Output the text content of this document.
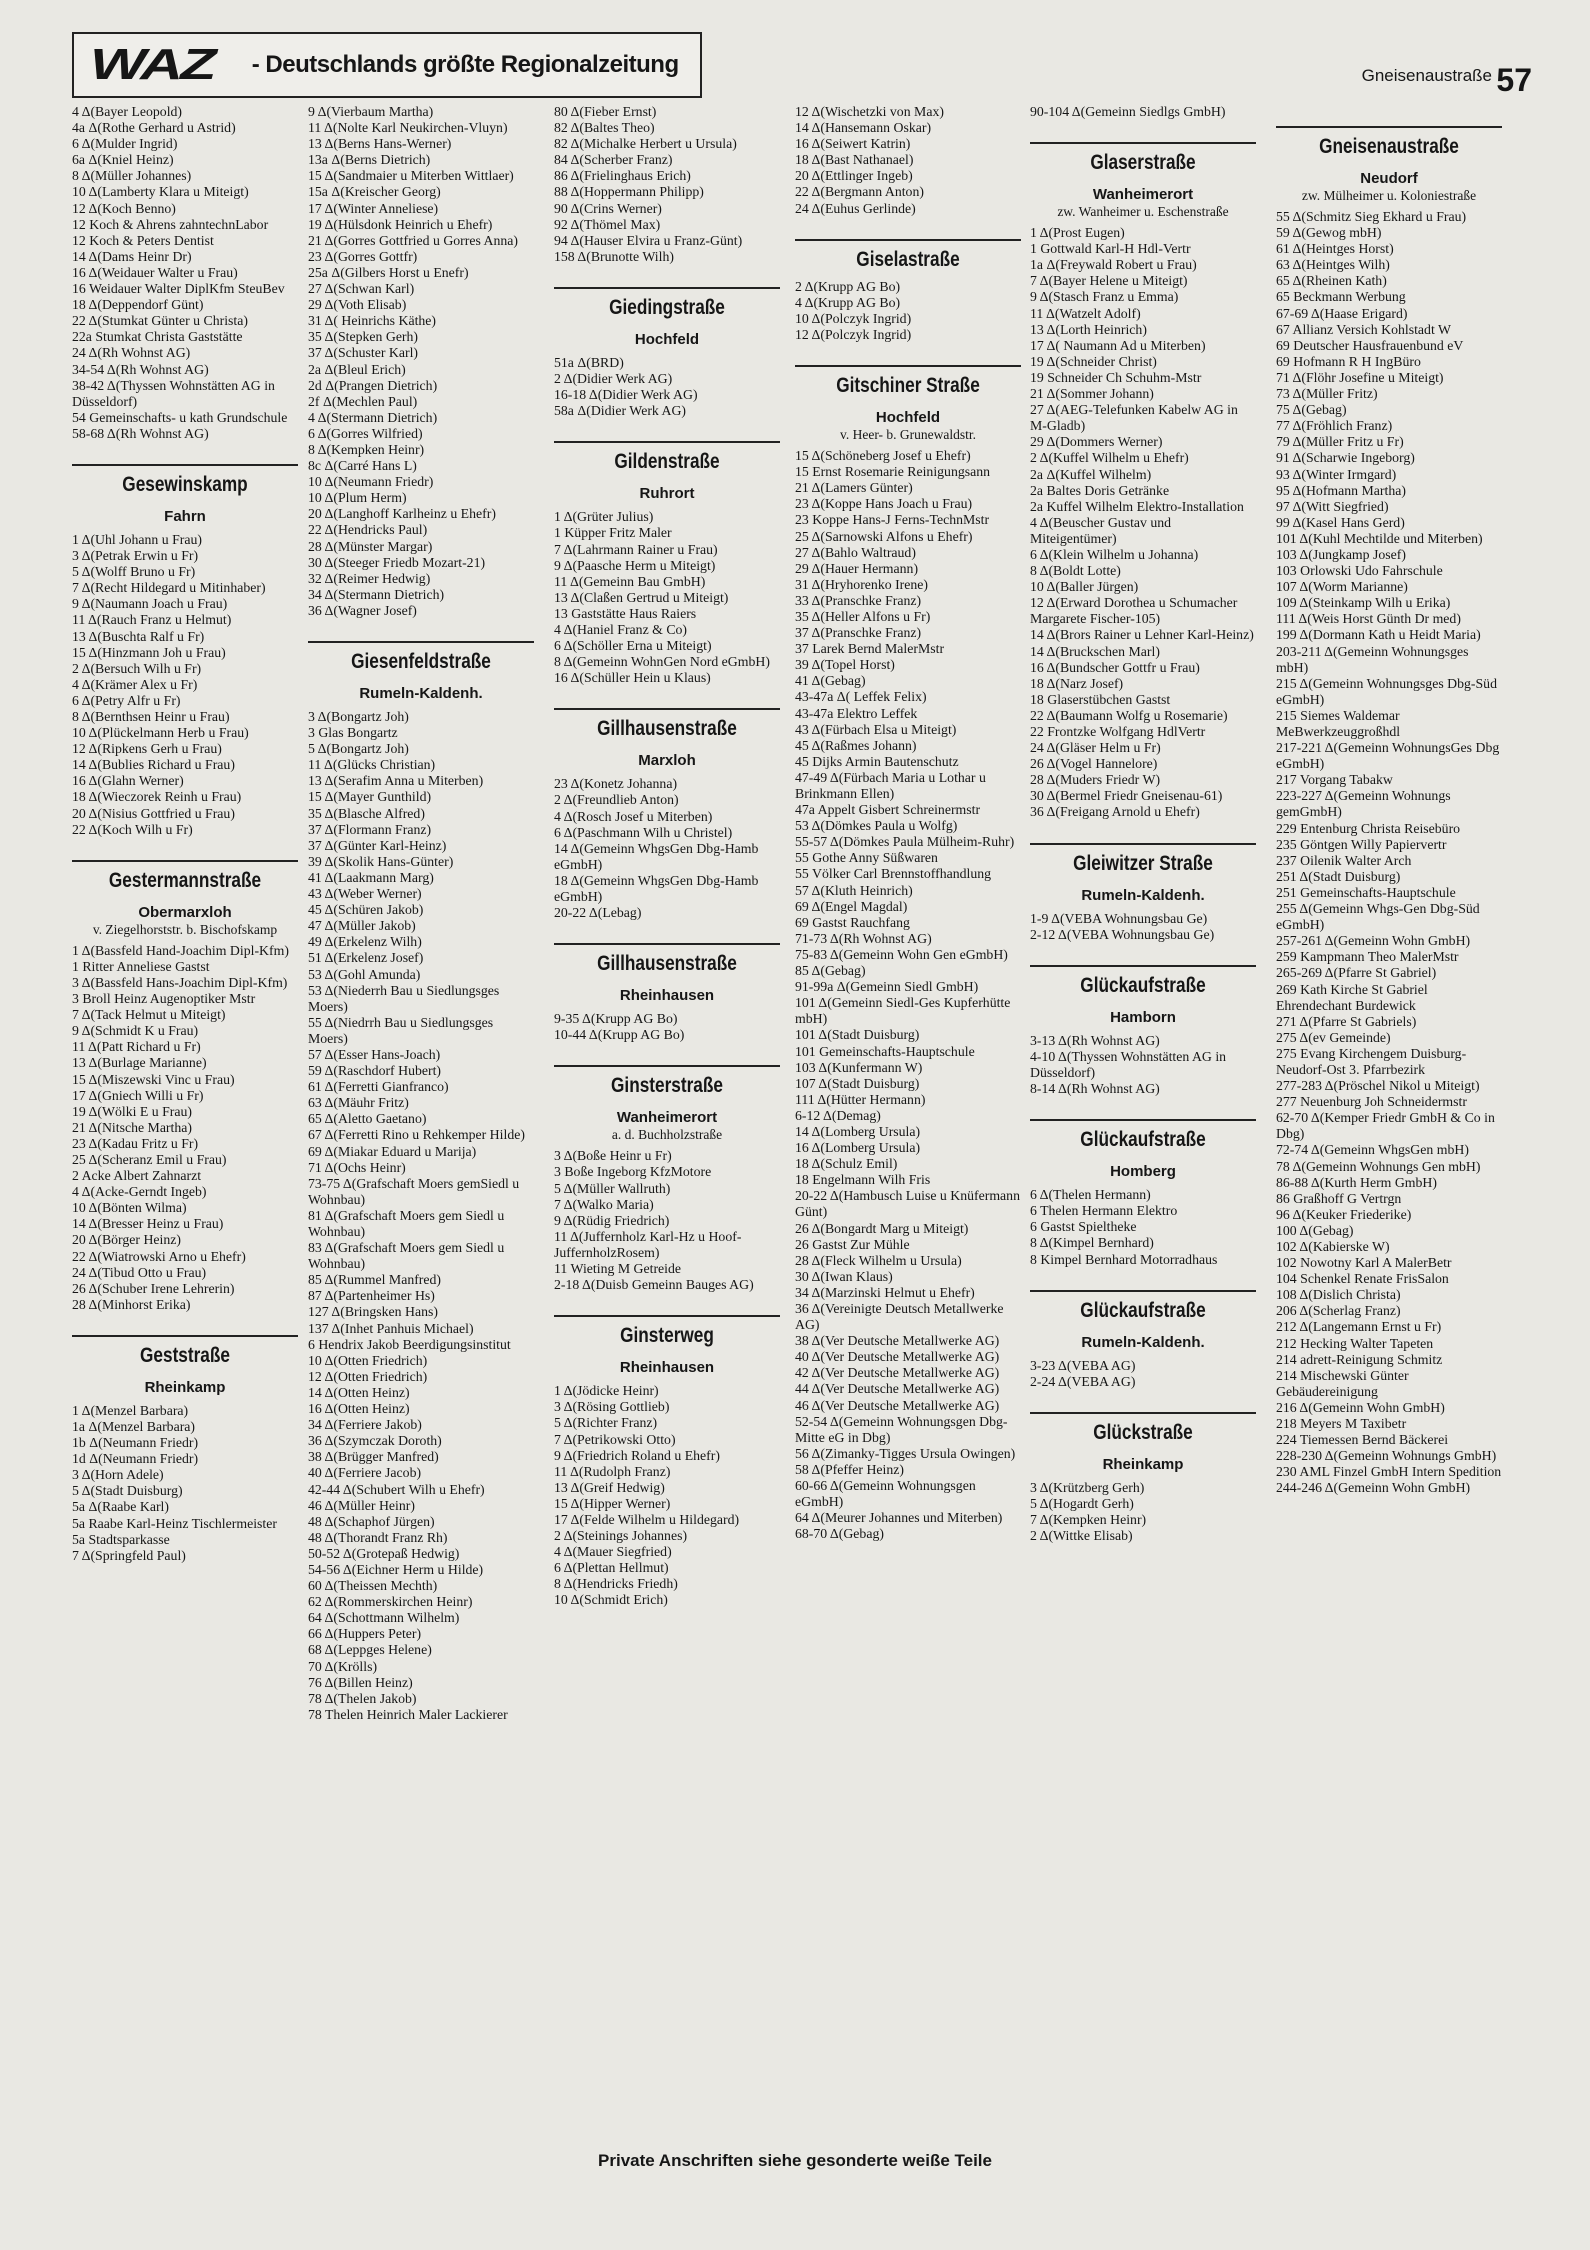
WAZ - Deutschlands größte Regionalzeitung	Gneisenaustraße 57
4 Δ(Bayer Leopold)
4a Δ(Rothe Gerhard u Astrid)
6 Δ(Mulder Ingrid)
6a Δ(Kniel Heinz)
8 Δ(Müller Johannes)
10 Δ(Lamberty Klara u Miteigt)
12 Δ(Koch Benno)
12 Koch & Ahrens zahntechnLabor
12 Koch & Peters Dentist
14 Δ(Dams Heinr Dr)
16 Δ(Weidauer Walter u Frau)
16 Weidauer Walter DiplKfm SteuBev
18 Δ(Deppendorf Günt)
22 Δ(Stumkat Günter u Christa)
22a Stumkat Christa Gaststätte
24 Δ(Rh Wohnst AG)
34-54 Δ(Rh Wohnst AG)
38-42 Δ(Thyssen Wohnstätten AG in Düsseldorf)
54 Gemeinschafts- u kath Grundschule
58-68 Δ(Rh Wohnst AG)
Gesewinskamp
Fahrn
1 Δ(Uhl Johann u Frau)
3 Δ(Petrak Erwin u Fr)
5 Δ(Wolff Bruno u Fr)
7 Δ(Recht Hildegard u Mitinhaber)
9 Δ(Naumann Joach u Frau)
11 Δ(Rauch Franz u Helmut)
13 Δ(Buschta Ralf u Fr)
15 Δ(Hinzmann Joh u Frau)
2 Δ(Bersuch Wilh u Fr)
4 Δ(Krämer Alex u Fr)
6 Δ(Petry Alfr u Fr)
8 Δ(Bernthsen Heinr u Frau)
10 Δ(Plückelmann Herb u Frau)
12 Δ(Ripkens Gerh u Frau)
14 Δ(Bublies Richard u Frau)
16 Δ(Glahn Werner)
18 Δ(Wieczorek Reinh u Frau)
20 Δ(Nisius Gottfried u Frau)
22 Δ(Koch Wilh u Fr)
Gestermannstraße
Obermarxloh
v. Ziegelhorststr. b. Bischofskamp
1 Δ(Bassfeld Hand-Joachim Dipl-Kfm)
1 Ritter Anneliese Gastst
3 Δ(Bassfeld Hans-Joachim Dipl-Kfm)
3 Broll Heinz Augenoptiker Mstr
7 Δ(Tack Helmut u Miteigt)
9 Δ(Schmidt K u Frau)
11 Δ(Patt Richard u Fr)
13 Δ(Burlage Marianne)
15 Δ(Miszewski Vinc u Frau)
17 Δ(Gniech Willi u Fr)
19 Δ(Wölki E u Frau)
21 Δ(Nitsche Martha)
23 Δ(Kadau Fritz u Fr)
25 Δ(Scheranz Emil u Frau)
2 Acke Albert Zahnarzt
4 Δ(Acke-Gerndt Ingeb)
10 Δ(Bönten Wilma)
14 Δ(Bresser Heinz u Frau)
20 Δ(Börger Heinz)
22 Δ(Wiatrowski Arno u Ehefr)
24 Δ(Tibud Otto u Frau)
26 Δ(Schuber Irene Lehrerin)
28 Δ(Minhorst Erika)
Geststraße
Rheinkamp
1 Δ(Menzel Barbara)
1a Δ(Menzel Barbara)
1b Δ(Neumann Friedr)
1d Δ(Neumann Friedr)
3 Δ(Horn Adele)
5 Δ(Stadt Duisburg)
5a Δ(Raabe Karl)
5a Raabe Karl-Heinz Tischlermeister
5a Stadtsparkasse
7 Δ(Springfeld Paul)
9 Δ(Vierbaum Martha)
11 Δ(Nolte Karl Neukirchen-Vluyn)
13 Δ(Berns Hans-Werner)
13a Δ(Berns Dietrich)
15 Δ(Sandmaier u Miterben Wittlaer)
15a Δ(Kreischer Georg)
17 Δ(Winter Anneliese)
19 Δ(Hülsdonk Heinrich u Ehefr)
21 Δ(Gorres Gottfried u Gorres Anna)
23 Δ(Gorres Gottfr)
25a Δ(Gilbers Horst u Enefr)
27 Δ(Schwan Karl)
29 Δ(Voth Elisab)
31 Δ( Heinrichs Käthe)
35 Δ(Stepken Gerh)
37 Δ(Schuster Karl)
2a Δ(Bleul Erich)
2d Δ(Prangen Dietrich)
2f Δ(Mechlen Paul)
4 Δ(Stermann Dietrich)
6 Δ(Gorres Wilfried)
8 Δ(Kempken Heinr)
8c Δ(Carré Hans L)
10 Δ(Neumann Friedr)
10 Δ(Plum Herm)
20 Δ(Langhoff Karlheinz u Ehefr)
22 Δ(Hendricks Paul)
28 Δ(Münster Margar)
30 Δ(Steeger Friedb Mozart-21)
32 Δ(Reimer Hedwig)
34 Δ(Stermann Dietrich)
36 Δ(Wagner Josef)
Giesenfeldstraße
Rumeln-Kaldenh.
3 Δ(Bongartz Joh)
3 Glas Bongartz
5 Δ(Bongartz Joh)
11 Δ(Glücks Christian)
13 Δ(Serafim Anna u Miterben)
15 Δ(Mayer Gunthild)
35 Δ(Blasche Alfred)
37 Δ(Flormann Franz)
37 Δ(Günter Karl-Heinz)
39 Δ(Skolik Hans-Günter)
41 Δ(Laakmann Marg)
43 Δ(Weber Werner)
45 Δ(Schüren Jakob)
47 Δ(Müller Jakob)
49 Δ(Erkelenz Wilh)
51 Δ(Erkelenz Josef)
53 Δ(Gohl Amunda)
53 Δ(Niederrh Bau u Siedlungsges Moers)
55 Δ(Niedrrh Bau u Siedlungsges Moers)
57 Δ(Esser Hans-Joach)
59 Δ(Raschdorf Hubert)
61 Δ(Ferretti Gianfranco)
63 Δ(Mäuhr Fritz)
65 Δ(Aletto Gaetano)
67 Δ(Ferretti Rino u Rehkemper Hilde)
69 Δ(Miakar Eduard u Marija)
71 Δ(Ochs Heinr)
73-75 Δ(Grafschaft Moers gemSiedl u Wohnbau)
81 Δ(Grafschaft Moers gem Siedl u Wohnbau)
83 Δ(Grafschaft Moers gem Siedl u Wohnbau)
85 Δ(Rummel Manfred)
87 Δ(Partenheimer Hs)
127 Δ(Bringsken Hans)
137 Δ(Inhet Panhuis Michael)
6 Hendrix Jakob Beerdigungsinstitut
10 Δ(Otten Friedrich)
12 Δ(Otten Friedrich)
14 Δ(Otten Heinz)
16 Δ(Otten Heinz)
34 Δ(Ferriere Jakob)
36 Δ(Szymczak Doroth)
38 Δ(Brügger Manfred)
40 Δ(Ferriere Jacob)
42-44 Δ(Schubert Wilh u Ehefr)
46 Δ(Müller Heinr)
48 Δ(Schaphof Jürgen)
48 Δ(Thorandt Franz Rh)
50-52 Δ(Grotepaß Hedwig)
54-56 Δ(Eichner Herm u Hilde)
60 Δ(Theissen Mechth)
62 Δ(Rommerskirchen Heinr)
64 Δ(Schottmann Wilhelm)
66 Δ(Huppers Peter)
68 Δ(Leppges Helene)
70 Δ(Krölls)
76 Δ(Billen Heinz)
78 Δ(Thelen Jakob)
78 Thelen Heinrich Maler Lackierer
80 Δ(Fieber Ernst)
82 Δ(Baltes Theo)
82 Δ(Michalke Herbert u Ursula)
84 Δ(Scherber Franz)
86 Δ(Frielinghaus Erich)
88 Δ(Hoppermann Philipp)
90 Δ(Crins Werner)
92 Δ(Thömel Max)
94 Δ(Hauser Elvira u Franz-Günt)
158 Δ(Brunotte Wilh)
Giedingstraße
Hochfeld
51a Δ(BRD)
2 Δ(Didier Werk AG)
16-18 Δ(Didier Werk AG)
58a Δ(Didier Werk AG)
Gildenstraße
Ruhrort
1 Δ(Grüter Julius)
1 Küpper Fritz Maler
7 Δ(Lahrmann Rainer u Frau)
9 Δ(Paasche Herm u Miteigt)
11 Δ(Gemeinn Bau GmbH)
13 Δ(Claßen Gertrud u Miteigt)
13 Gaststätte Haus Raiers
4 Δ(Haniel Franz & Co)
6 Δ(Schöller Erna u Miteigt)
8 Δ(Gemeinn WohnGen Nord eGmbH)
16 Δ(Schüller Hein u Klaus)
Gillhausenstraße
Marxloh
23 Δ(Konetz Johanna)
2 Δ(Freundlieb Anton)
4 Δ(Rosch Josef u Miterben)
6 Δ(Paschmann Wilh u Christel)
14 Δ(Gemeinn WhgsGen Dbg-Hamb eGmbH)
18 Δ(Gemeinn WhgsGen Dbg-Hamb eGmbH)
20-22 Δ(Lebag)
Gillhausenstraße
Rheinhausen
9-35 Δ(Krupp AG Bo)
10-44 Δ(Krupp AG Bo)
Ginsterstraße
Wanheimerort
a. d. Buchholzstraße
3 Δ(Boße Heinr u Fr)
3 Boße Ingeborg KfzMotore
5 Δ(Müller Wallruth)
7 Δ(Walko Maria)
9 Δ(Rüdig Friedrich)
11 Δ(Juffernholz Karl-Hz u Hoof-JuffernholzRosem)
11 Wieting M Getreide
2-18 Δ(Duisb Gemeinn Bauges AG)
Ginsterweg
Rheinhausen
1 Δ(Jödicke Heinr)
3 Δ(Rösing Gottlieb)
5 Δ(Richter Franz)
7 Δ(Petrikowski Otto)
9 Δ(Friedrich Roland u Ehefr)
11 Δ(Rudolph Franz)
13 Δ(Greif Hedwig)
15 Δ(Hipper Werner)
17 Δ(Felde Wilhelm u Hildegard)
2 Δ(Steinings Johannes)
4 Δ(Mauer Siegfried)
6 Δ(Plettan Hellmut)
8 Δ(Hendricks Friedh)
10 Δ(Schmidt Erich)
12 Δ(Wischetzki von Max)
14 Δ(Hansemann Oskar)
16 Δ(Seiwert Katrin)
18 Δ(Bast Nathanael)
20 Δ(Ettlinger Ingeb)
22 Δ(Bergmann Anton)
24 Δ(Euhus Gerlinde)
Giselastraße
2 Δ(Krupp AG Bo)
4 Δ(Krupp AG Bo)
10 Δ(Polczyk Ingrid)
12 Δ(Polczyk Ingrid)
Gitschiner Straße
Hochfeld
v. Heer- b. Grunewaldstr.
15 Δ(Schöneberg Josef u Ehefr)
15 Ernst Rosemarie Reinigungsann
21 Δ(Lamers Günter)
23 Δ(Koppe Hans Joach u Frau)
23 Koppe Hans-J Ferns-TechnMstr
25 Δ(Sarnowski Alfons u Ehefr)
27 Δ(Bahlo Waltraud)
29 Δ(Hauer Hermann)
31 Δ(Hryhorenko Irene)
33 Δ(Pranschke Franz)
35 Δ(Heller Alfons u Fr)
37 Δ(Pranschke Franz)
37 Larek Bernd MalerMstr
39 Δ(Topel Horst)
41 Δ(Gebag)
43-47a Δ( Leffek Felix)
43-47a Elektro Leffek
43 Δ(Fürbach Elsa u Miteigt)
45 Δ(Raßmes Johann)
45 Dijks Armin Bautenschutz
47-49 Δ(Fürbach Maria u Lothar u Brinkmann Ellen)
47a Appelt Gisbert Schreinermstr
53 Δ(Dömkes Paula u Wolfg)
55-57 Δ(Dömkes Paula Mülheim-Ruhr)
55 Gothe Anny Süßwaren
55 Völker Carl Brennstoffhandlung
57 Δ(Kluth Heinrich)
69 Δ(Engel Magdal)
69 Gastst Rauchfang
71-73 Δ(Rh Wohnst AG)
75-83 Δ(Gemeinn Wohn Gen eGmbH)
85 Δ(Gebag)
91-99a Δ(Gemeinn Siedl GmbH)
101 Δ(Gemeinn Siedl-Ges Kupferhütte mbH)
101 Δ(Stadt Duisburg)
101 Gemeinschafts-Hauptschule
103 Δ(Kunfermann W)
107 Δ(Stadt Duisburg)
111 Δ(Hütter Hermann)
6-12 Δ(Demag)
14 Δ(Lomberg Ursula)
16 Δ(Lomberg Ursula)
18 Δ(Schulz Emil)
18 Engelmann Wilh Fris
20-22 Δ(Hambusch Luise u Knüfermann Günt)
26 Δ(Bongardt Marg u Miteigt)
26 Gastst Zur Mühle
28 Δ(Fleck Wilhelm u Ursula)
30 Δ(Iwan Klaus)
34 Δ(Marzinski Helmut u Ehefr)
36 Δ(Vereinigte Deutsch Metallwerke AG)
38 Δ(Ver Deutsche Metallwerke AG)
40 Δ(Ver Deutsche Metallwerke AG)
42 Δ(Ver Deutsche Metallwerke AG)
44 Δ(Ver Deutsche Metallwerke AG)
46 Δ(Ver Deutsche Metallwerke AG)
52-54 Δ(Gemeinn Wohnungsgen Dbg-Mitte eG in Dbg)
56 Δ(Zimanky-Tigges Ursula Owingen)
58 Δ(Pfeffer Heinz)
60-66 Δ(Gemeinn Wohnungsgen eGmbH)
64 Δ(Meurer Johannes und Miterben)
68-70 Δ(Gebag)
90-104 Δ(Gemeinn Siedlgs GmbH)
Glaserstraße
Wanheimerort
zw. Wanheimer u. Eschenstraße
1 Δ(Prost Eugen)
1 Gottwald Karl-H Hdl-Vertr
1a Δ(Freywald Robert u Frau)
7 Δ(Bayer Helene u Miteigt)
9 Δ(Stasch Franz u Emma)
11 Δ(Watzelt Adolf)
13 Δ(Lorth Heinrich)
17 Δ( Naumann Ad u Miterben)
19 Δ(Schneider Christ)
19 Schneider Ch Schuhm-Mstr
21 Δ(Sommer Johann)
27 Δ(AEG-Telefunken Kabelw AG in M-Gladb)
29 Δ(Dommers Werner)
2 Δ(Kuffel Wilhelm u Ehefr)
2a Δ(Kuffel Wilhelm)
2a Baltes Doris Getränke
2a Kuffel Wilhelm Elektro-Installation
4 Δ(Beuscher Gustav und Miteigentümer)
6 Δ(Klein Wilhelm u Johanna)
8 Δ(Boldt Lotte)
10 Δ(Baller Jürgen)
12 Δ(Erward Dorothea u Schumacher Margarete Fischer-105)
14 Δ(Brors Rainer u Lehner Karl-Heinz)
14 Δ(Bruckschen Marl)
16 Δ(Bundscher Gottfr u Frau)
18 Δ(Narz Josef)
18 Glaserstübchen Gastst
22 Δ(Baumann Wolfg u Rosemarie)
22 Frontzke Wolfgang HdlVertr
24 Δ(Gläser Helm u Fr)
26 Δ(Vogel Hannelore)
28 Δ(Muders Friedr W)
30 Δ(Bermel Friedr Gneisenau-61)
36 Δ(Freigang Arnold u Ehefr)
Gleiwitzer Straße
Rumeln-Kaldenh.
1-9 Δ(VEBA Wohnungsbau Ge)
2-12 Δ(VEBA Wohnungsbau Ge)
Glückaufstraße
Hamborn
3-13 Δ(Rh Wohnst AG)
4-10 Δ(Thyssen Wohnstätten AG in Düsseldorf)
8-14 Δ(Rh Wohnst AG)
Glückaufstraße
Homberg
6 Δ(Thelen Hermann)
6 Thelen Hermann Elektro
6 Gastst Spieltheke
8 Δ(Kimpel Bernhard)
8 Kimpel Bernhard Motorradhaus
Glückaufstraße
Rumeln-Kaldenh.
3-23 Δ(VEBA AG)
2-24 Δ(VEBA AG)
Glückstraße
Rheinkamp
3 Δ(Krützberg Gerh)
5 Δ(Hogardt Gerh)
7 Δ(Kempken Heinr)
2 Δ(Wittke Elisab)
Gneisenaustraße
Neudorf
zw. Mülheimer u. Koloniestraße
55 Δ(Schmitz Sieg Ekhard u Frau)
59 Δ(Gewog mbH)
61 Δ(Heintges Horst)
63 Δ(Heintges Wilh)
65 Δ(Rheinen Kath)
65 Beckmann Werbung
67-69 Δ(Haase Erigard)
67 Allianz Versich Kohlstadt W
69 Deutscher Hausfrauenbund eV
69 Hofmann R H IngBüro
71 Δ(Flöhr Josefine u Miteigt)
73 Δ(Müller Fritz)
75 Δ(Gebag)
77 Δ(Fröhlich Franz)
79 Δ(Müller Fritz u Fr)
91 Δ(Scharwie Ingeborg)
93 Δ(Winter Irmgard)
95 Δ(Hofmann Martha)
97 Δ(Witt Siegfried)
99 Δ(Kasel Hans Gerd)
101 Δ(Kuhl Mechtilde und Miterben)
103 Δ(Jungkamp Josef)
103 Orlowski Udo Fahrschule
107 Δ(Worm Marianne)
109 Δ(Steinkamp Wilh u Erika)
111 Δ(Weis Horst Günth Dr med)
199 Δ(Dormann Kath u Heidt Maria)
203-211 Δ(Gemeinn Wohnungsges mbH)
215 Δ(Gemeinn Wohnungsges Dbg-Süd eGmbH)
215 Siemes Waldemar MeBwerkzeuggroßhdl
217-221 Δ(Gemeinn WohnungsGes Dbg eGmbH)
217 Vorgang Tabakw
223-227 Δ(Gemeinn Wohnungs gemGmbH)
229 Entenburg Christa Reisebüro
235 Göntgen Willy Papiervertr
237 Oilenik Walter Arch
251 Δ(Stadt Duisburg)
251 Gemeinschafts-Hauptschule
255 Δ(Gemeinn Whgs-Gen Dbg-Süd eGmbH)
257-261 Δ(Gemeinn Wohn GmbH)
259 Kampmann Theo MalerMstr
265-269 Δ(Pfarre St Gabriel)
269 Kath Kirche St Gabriel Ehrendechant Burdewick
271 Δ(Pfarre St Gabriels)
275 Δ(ev Gemeinde)
275 Evang Kirchengem Duisburg-Neudorf-Ost 3. Pfarrbezirk
277-283 Δ(Pröschel Nikol u Miteigt)
277 Neuenburg Joh Schneidermstr
62-70 Δ(Kemper Friedr GmbH & Co in Dbg)
72-74 Δ(Gemeinn WhgsGen mbH)
78 Δ(Gemeinn Wohnungs Gen mbH)
86-88 Δ(Kurth Herm GmbH)
86 Graßhoff G Vertrgn
96 Δ(Keuker Friederike)
100 Δ(Gebag)
102 Δ(Kabierske W)
102 Nowotny Karl A MalerBetr
104 Schenkel Renate FrisSalon
108 Δ(Dislich Christa)
206 Δ(Scherlag Franz)
212 Δ(Langemann Ernst u Fr)
212 Hecking Walter Tapeten
214 adrett-Reinigung Schmitz
214 Mischewski Günter Gebäudereinigung
216 Δ(Gemeinn Wohn GmbH)
218 Meyers M Taxibetr
224 Tiemessen Bernd Bäckerei
228-230 Δ(Gemeinn Wohnungs GmbH)
230 AML Finzel GmbH Intern Spedition
244-246 Δ(Gemeinn Wohn GmbH)
Private Anschriften siehe gesonderte weiße Teile
